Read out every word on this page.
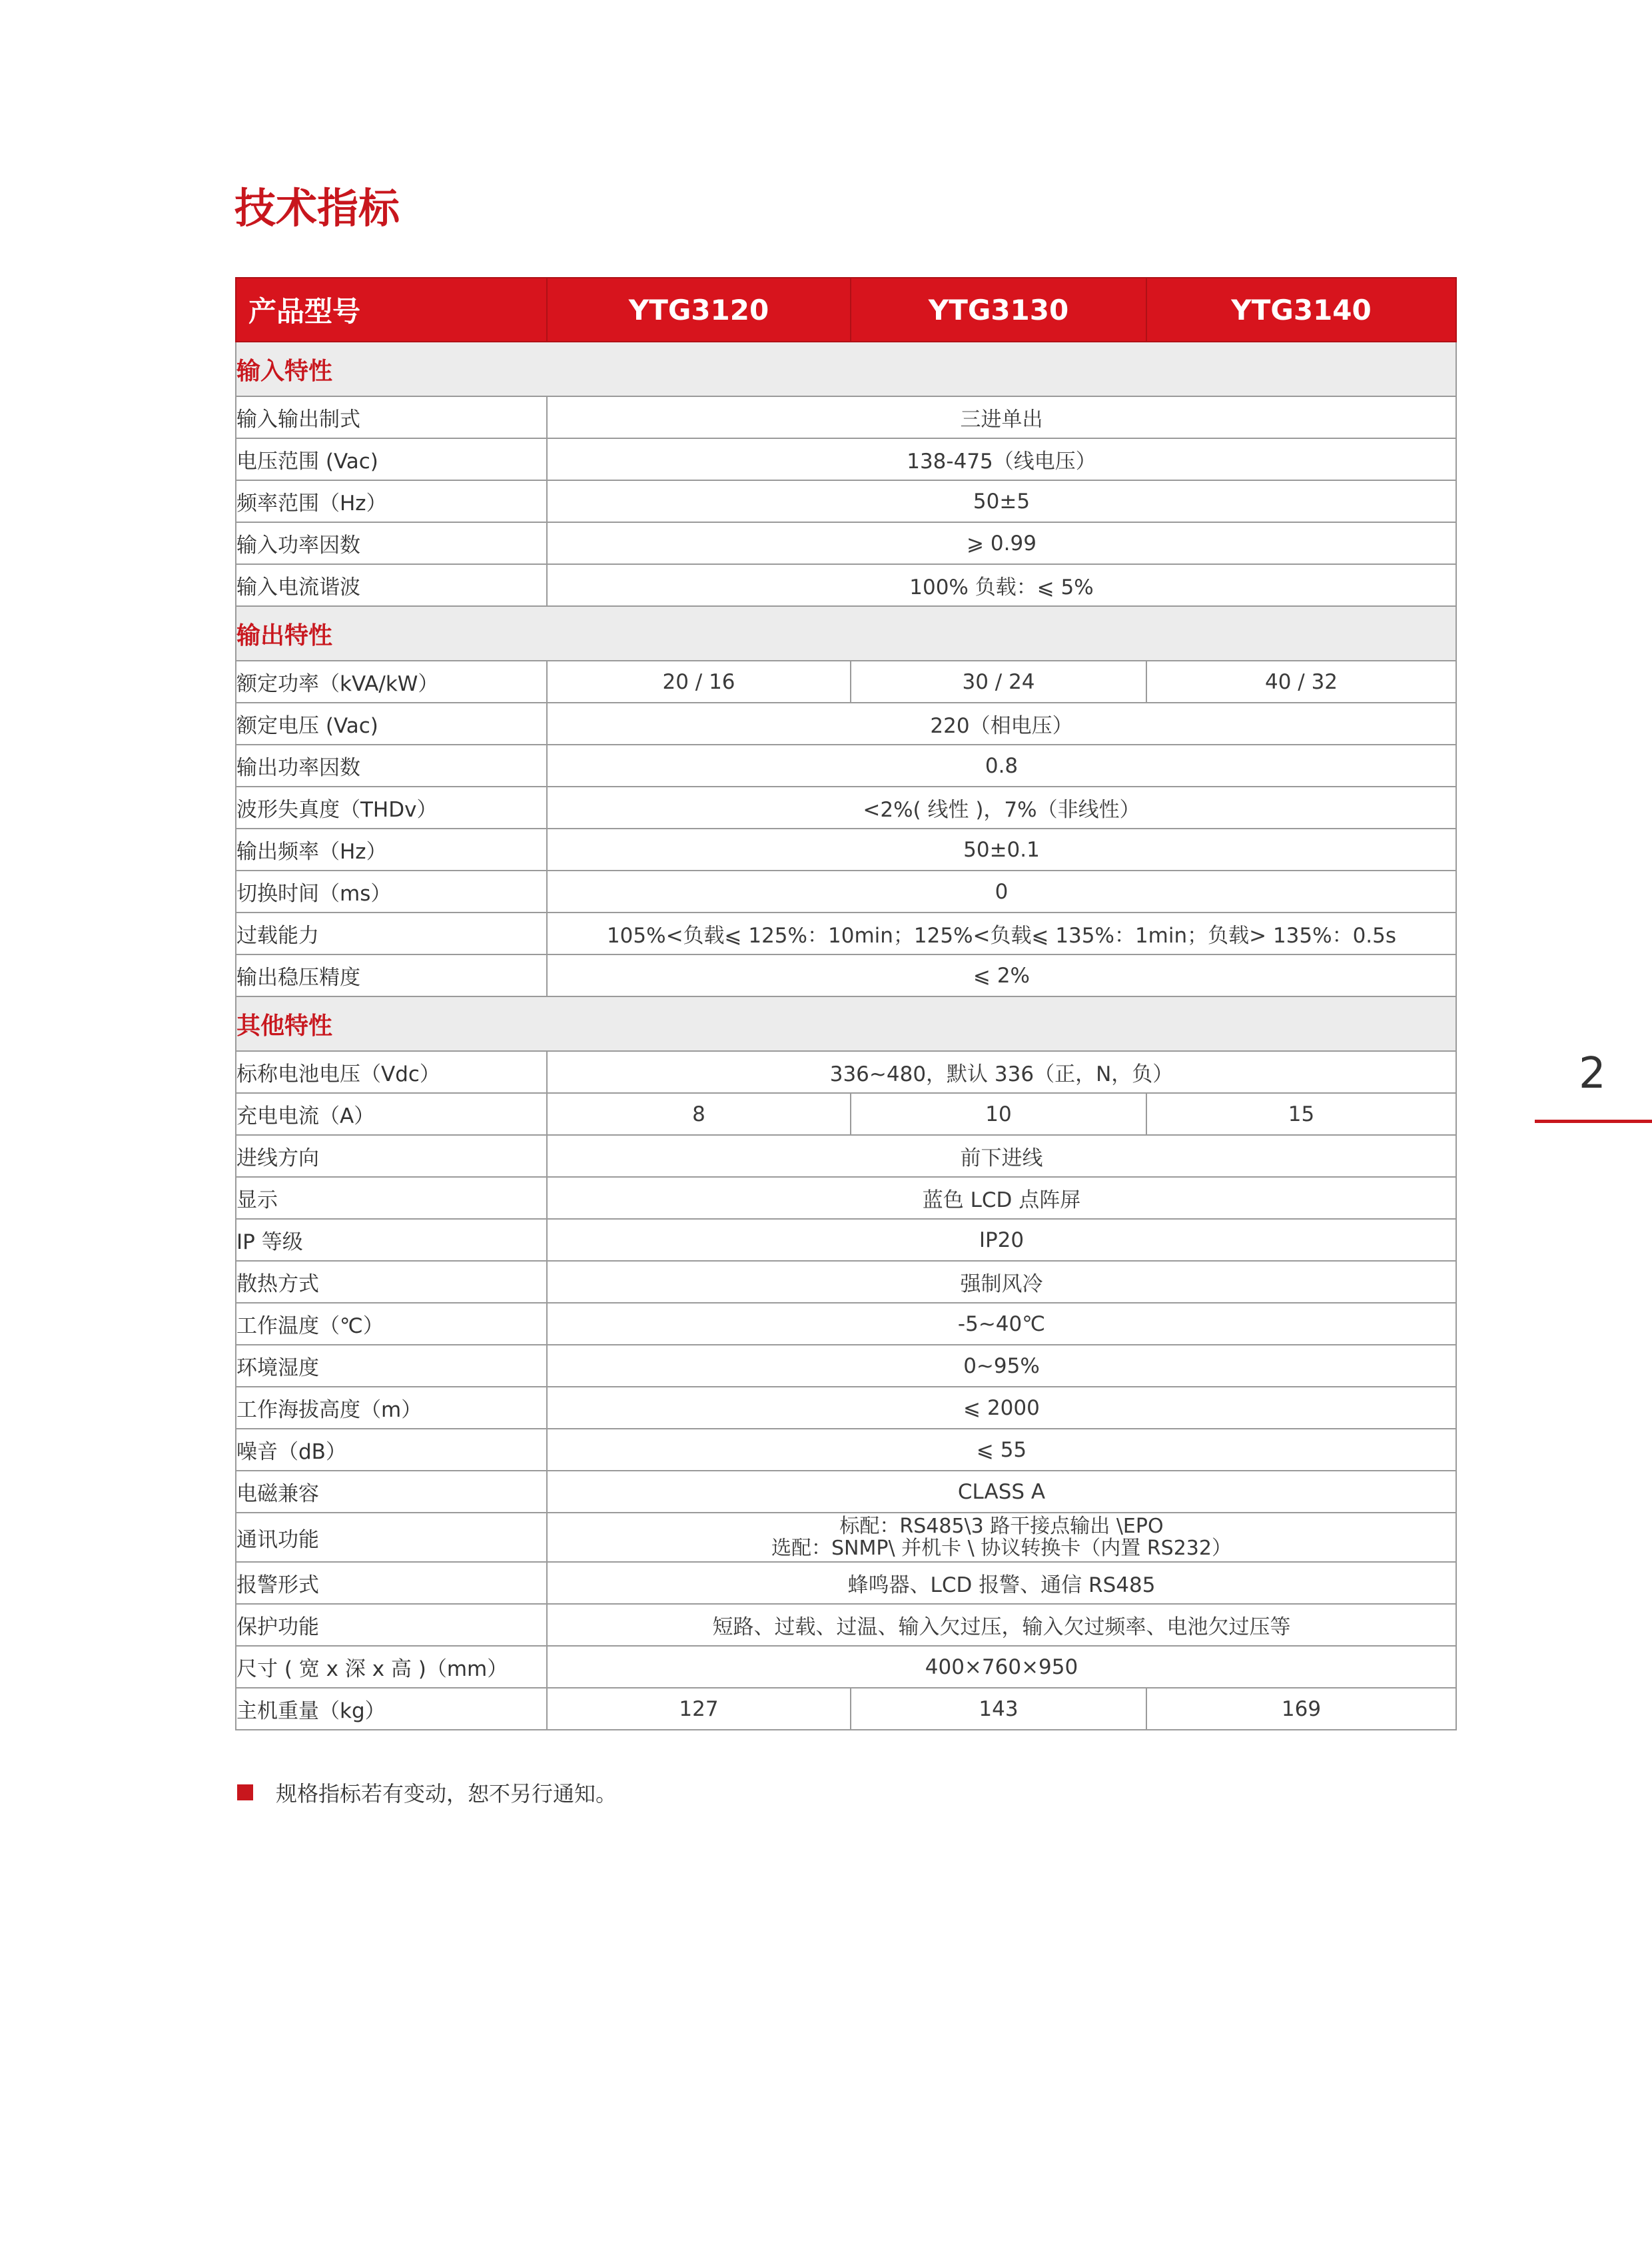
技术指标
产品型号	YTG3120	YTG3130	YTG3140
输入特性			
输入输出制式	三进单出		
电压范围 (Vac)	138-475（线电压）		
频率范围（Hz）	50±5		
输入功率因数	⩾ 0.99		
输入电流谐波	100% 负载：⩽ 5%		
输出特性			
额定功率（kVA/kW）	20 / 16	30 / 24	40 / 32
额定电压 (Vac)	220（相电压）		
输出功率因数	0.8		
波形失真度（THDv）	<2%( 线性 )，7%（非线性）		
输出频率（Hz）	50±0.1		
切换时间（ms）	0		
过载能力	105%<负载⩽ 125%：10min；125%<负载⩽ 135%：1min；负载> 135%：0.5s		
输出稳压精度	⩽ 2%		
其他特性			
标称电池电压（Vdc）	336~480，默认 336（正，N，负）		
充电电流（A）	8	10	15
进线方向	前下进线		
显示	蓝色 LCD 点阵屏		
IP 等级	IP20		
散热方式	强制风冷		
工作温度（℃）	-5~40℃		
环境湿度	0~95%		
工作海拔高度（m）	⩽ 2000		
噪音（dB）	⩽ 55		
电磁兼容	CLASS A		
通讯功能	标配：RS485\3 路干接点输出 \EPO
选配：SNMP\ 并机卡 \ 协议转换卡（内置 RS232）		

报警形式	蜂鸣器、LCD 报警、通信 RS485		
保护功能	短路、过载、过温、输入欠过压，输入欠过频率、电池欠过压等		
尺寸 ( 宽 x 深 x 高 )（mm）	400×760×950		
主机重量（kg）	127	143	169
规格指标若有变动，恕不另行通知。
2
